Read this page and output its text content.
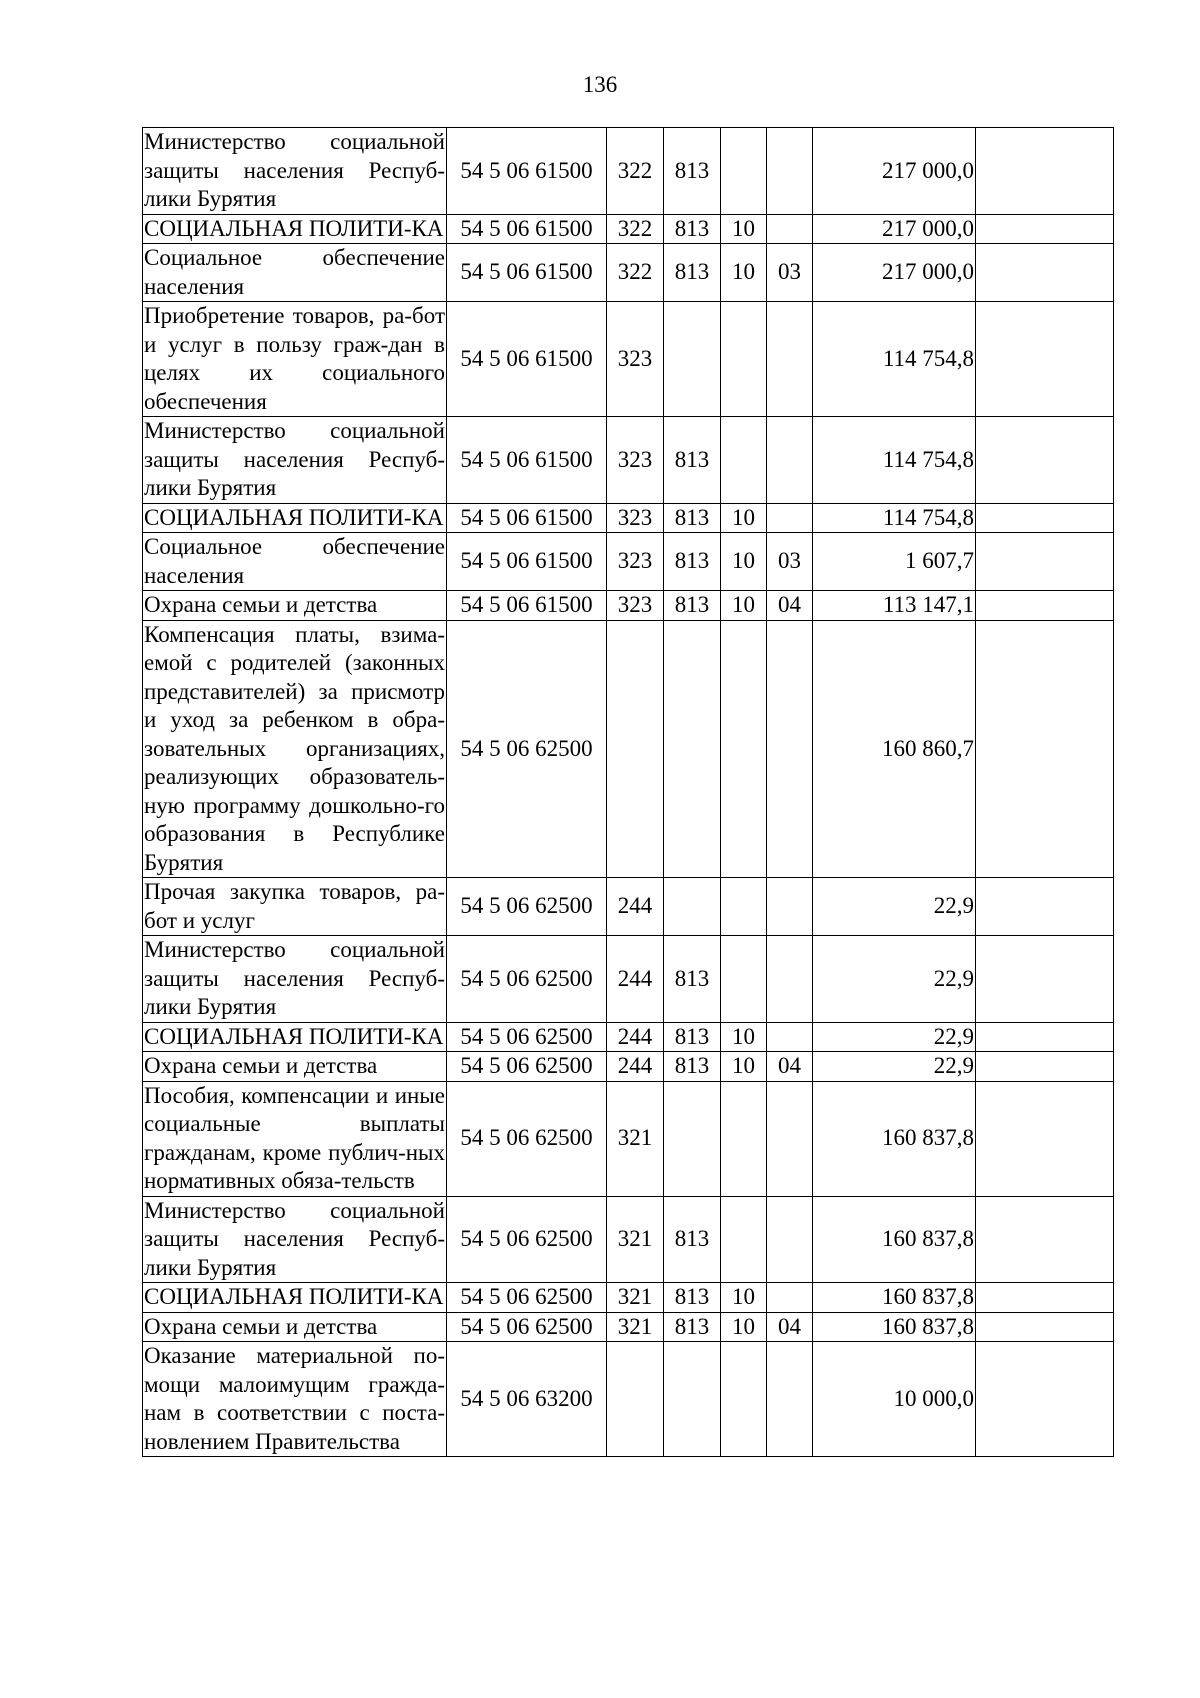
136
Министерство социальной защиты населения Респуб-лики Бурятия	54 5 06 61500	322	813			217 000,0	
СОЦИАЛЬНАЯ ПОЛИТИ-КА	54 5 06 61500	322	813	10		217 000,0	
Социальное обеспечение населения	54 5 06 61500	322	813	10	03	217 000,0	
Приобретение товаров, ра-бот и услуг в пользу граж-дан в целях их социального обеспечения	54 5 06 61500	323				114 754,8	
Министерство социальной защиты населения Респуб-лики Бурятия	54 5 06 61500	323	813			114 754,8	
СОЦИАЛЬНАЯ ПОЛИТИ-КА	54 5 06 61500	323	813	10		114 754,8	
Социальное обеспечение населения	54 5 06 61500	323	813	10	03	1 607,7	
Охрана семьи и детства	54 5 06 61500	323	813	10	04	113 147,1	
Компенсация платы, взима-емой с родителей (законных представителей) за присмотр и уход за ребенком в обра-зовательных организациях, реализующих образователь-ную программу дошкольно-го образования в Республике Бурятия	54 5 06 62500					160 860,7	
Прочая закупка товаров, ра-бот и услуг	54 5 06 62500	244				22,9	
Министерство социальной защиты населения Респуб-лики Бурятия	54 5 06 62500	244	813			22,9	
СОЦИАЛЬНАЯ ПОЛИТИ-КА	54 5 06 62500	244	813	10		22,9	
Охрана семьи и детства	54 5 06 62500	244	813	10	04	22,9	
Пособия, компенсации и иные социальные выплаты гражданам, кроме публич-ных нормативных обяза-тельств	54 5 06 62500	321				160 837,8	
Министерство социальной защиты населения Респуб-лики Бурятия	54 5 06 62500	321	813			160 837,8	
СОЦИАЛЬНАЯ ПОЛИТИ-КА	54 5 06 62500	321	813	10		160 837,8	
Охрана семьи и детства	54 5 06 62500	321	813	10	04	160 837,8	
Оказание материальной по-мощи малоимущим гражда-нам в соответствии с поста-новлением Правительства	54 5 06 63200					10 000,0	
